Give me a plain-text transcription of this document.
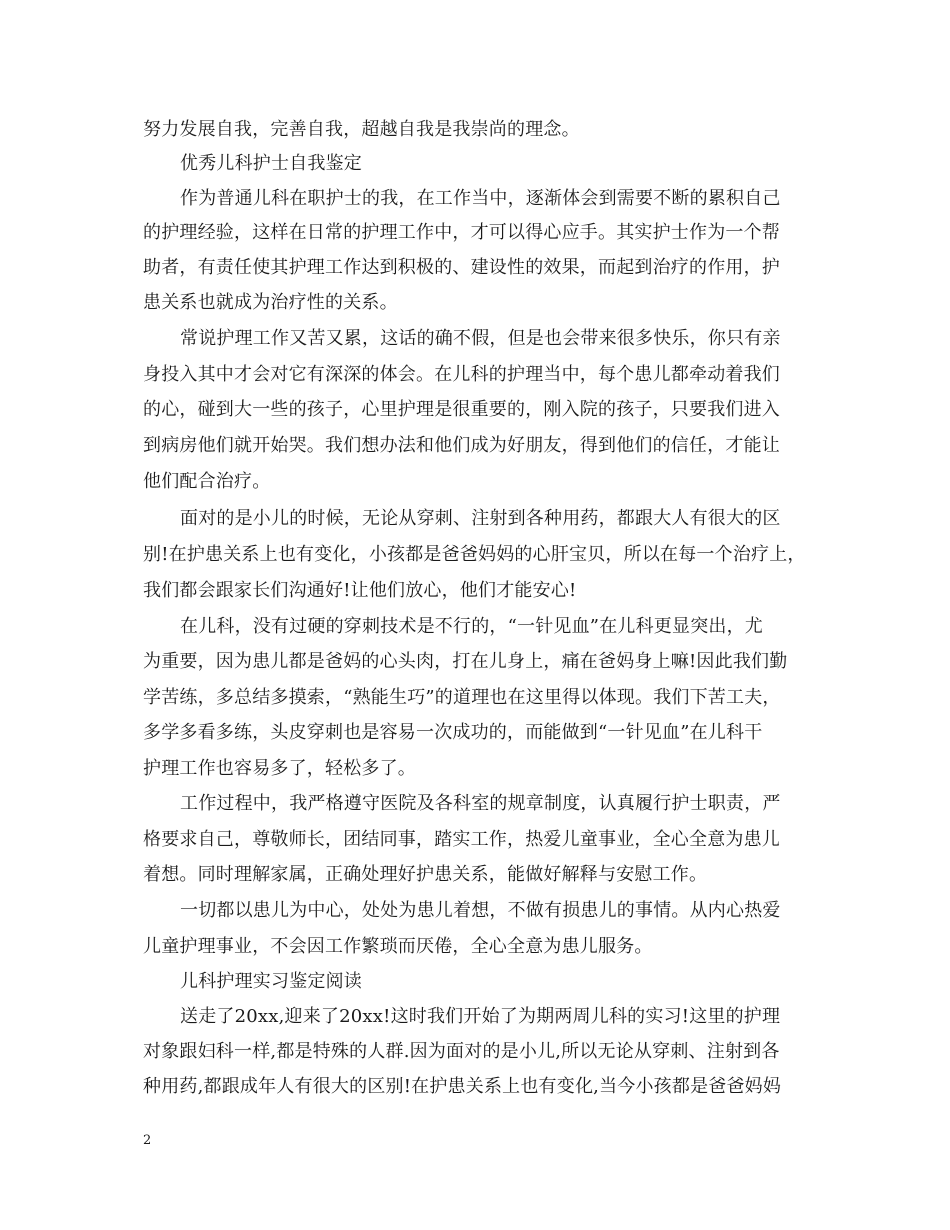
努力发展自我，完善自我，超越自我是我崇尚的理念。
优秀儿科护士自我鉴定
作为普通儿科在职护士的我，在工作当中，逐渐体会到需要不断的累积自己
的护理经验，这样在日常的护理工作中，才可以得心应手。其实护士作为一个帮
助者，有责任使其护理工作达到积极的、建设性的效果，而起到治疗的作用，护
患关系也就成为治疗性的关系。
常说护理工作又苦又累，这话的确不假，但是也会带来很多快乐，你只有亲
身投入其中才会对它有深深的体会。在儿科的护理当中，每个患儿都牵动着我们
的心，碰到大一些的孩子，心里护理是很重要的，刚入院的孩子，只要我们进入
到病房他们就开始哭。我们想办法和他们成为好朋友，得到他们的信任，才能让
他们配合治疗。
面对的是小儿的时候，无论从穿刺、注射到各种用药，都跟大人有很大的区
别!在护患关系上也有变化，小孩都是爸爸妈妈的心肝宝贝，所以在每一个治疗上，
我们都会跟家长们沟通好!让他们放心，他们才能安心!
在儿科，没有过硬的穿刺技术是不行的，“一针见血”在儿科更显突出，尤
为重要，因为患儿都是爸妈的心头肉，打在儿身上，痛在爸妈身上嘛!因此我们勤
学苦练，多总结多摸索，“熟能生巧”的道理也在这里得以体现。我们下苦工夫，
多学多看多练，头皮穿刺也是容易一次成功的，而能做到“一针见血”在儿科干
护理工作也容易多了，轻松多了。
工作过程中，我严格遵守医院及各科室的规章制度，认真履行护士职责，严
格要求自己，尊敬师长，团结同事，踏实工作，热爱儿童事业，全心全意为患儿
着想。同时理解家属，正确处理好护患关系，能做好解释与安慰工作。
一切都以患儿为中心，处处为患儿着想，不做有损患儿的事情。从内心热爱
儿童护理事业，不会因工作繁琐而厌倦，全心全意为患儿服务。
儿科护理实习鉴定阅读
送走了20xx,迎来了20xx!这时我们开始了为期两周儿科的实习!这里的护理
对象跟妇科一样,都是特殊的人群.因为面对的是小儿,所以无论从穿刺、注射到各
种用药,都跟成年人有很大的区别!在护患关系上也有变化,当今小孩都是爸爸妈妈
2
